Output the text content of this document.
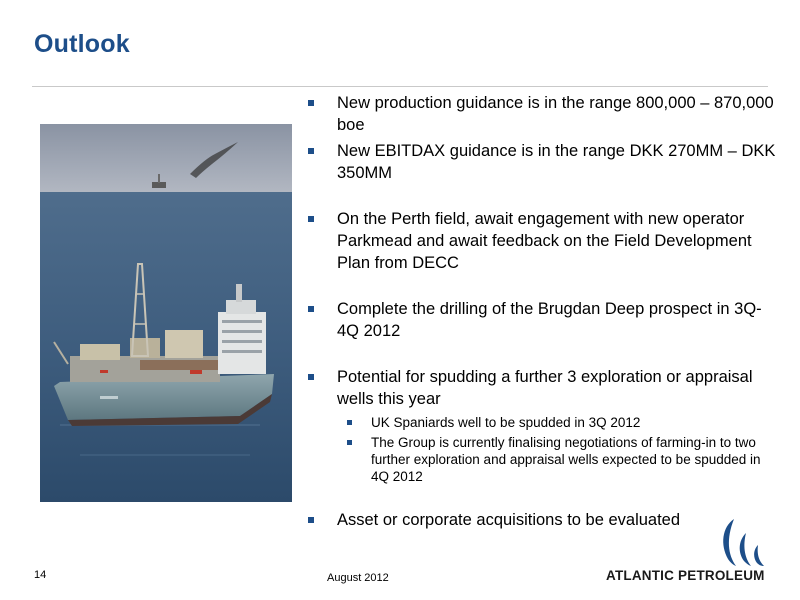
Outlook
New production guidance is in the range 800,000 – 870,000 boe
New EBITDAX guidance is in the range DKK 270MM – DKK 350MM
On the Perth field, await engagement with new operator Parkmead and await feedback on the Field Development Plan from DECC
Complete the drilling of the Brugdan Deep prospect in 3Q-4Q 2012
Potential for spudding a further 3 exploration or appraisal wells this year
UK Spaniards well to be spudded in 3Q 2012
The Group is currently finalising negotiations of farming-in to two further exploration and appraisal wells expected to be spudded in 4Q 2012
Asset or corporate acquisitions to be evaluated
14	August 2012	ATLANTIC PETROLEUM
